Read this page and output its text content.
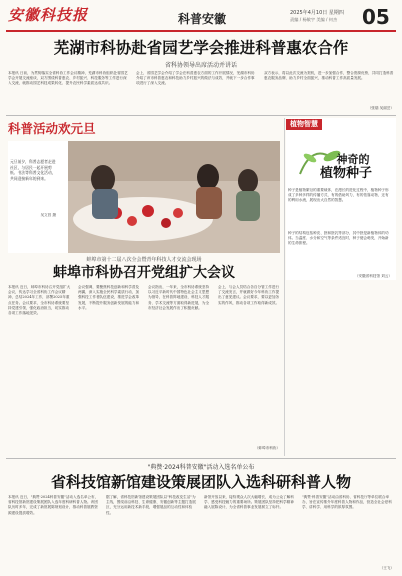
安徽科技报	科普安徽	2025年4月10日 星期四
责编 / 杨敏宇 美编 / 何杰 05
芜湖市科协赴省园艺学会推进科普惠农合作
省科协领导出席活动并讲话
本报讯 日前，为贯彻落实全省科协工作会议精神，芜湖市科协组织赴省园艺学会开展交流座谈，双方围绕科普惠农、乡村振兴、科技服务等工作进行深入交流，就推动园艺科技成果转化、提升农民科学素质达成共识。
会上，省园艺学会介绍了学会在科普惠农方面的工作开展情况，芜湖市科协介绍了该市科普惠农和科技助力乡村振兴的做法与成效，并就下一步合作事项进行了深入交流。
双方表示，将以此次交流为契机，进一步加强合作，整合资源优势，共同打造科普惠农服务品牌，助力乡村全面振兴，推动科普工作高质量发展。
（张瑞 吴丽芸）
科普活动欢元旦
元旦前夕，科普志愿者走进社区，与居民一起开展剪纸、书法等科普文化活动，共同迎接新年的到来。
吴文昌 摄
植物智慧
神奇的
植物种子
种子是植物繁衍的重要载体，在漫长的进化过程中，植物种子形成了多种多样的传播方式，有的借助风力，有的依靠动物，还有的利用水流，展现出大自然的智慧。
种子的结构包括种皮、胚和胚乳等部分，其中胚是新植物体的幼体。当温度、水分和空气等条件适宜时，种子便会萌发，开始新的生命旅程。
（安徽省科技馆 刘云）
蚌埠市第十二届八次全会暨青年科技人才交流会现场
蚌埠市科协召开党组扩大会议
本报讯 近日，蚌埠市科协召开党组扩大会议，传达学习全省科协工作会议精神，总结2024年工作，部署2025年重点任务。会议要求，全市科协系统要坚持党建引领，强化政治担当，切实推动各项工作落地见效。
会议强调，要聚焦科技创新和科学普及两翼，深入实施全民科学素质行动，加强科技工作者队伍建设，推进学会改革发展，不断提升服务创新发展的能力和水平。
会议指出，一年来，全市科协系统坚持以习近平新时代中国特色社会主义思想为指导，在科普阵地建设、科技人才服务、学术交流等方面取得新进展，为全市经济社会发展作出了积极贡献。
会上，与会人员结合各自分管工作进行了交流发言，并就做好今年科协工作提出了意见建议。会议要求，要以更加务实的作风，推动各项工作取得新成效。
（蚌埠市科协）
"典赞·2024科普安徽"活动入选名单公布
省科技馆新馆建设策展团队入选科研科普人物
本报讯 近日，"典赞·2024科普安徽"活动入选名单公布，省科技馆新馆建设策展团队入选年度科研科普人物。该团队历时多年，完成了新馆展陈规划设计，推动科普展教资源建设提质增效。
据了解，省科技馆新馆建设策展团队以"科技改变生活"为主线，围绕前沿科技、生命健康、安徽创新等主题打造展区，充分运用新技术新手段，增强展品的互动性和体验性。
新馆开放以来，接待观众人次大幅增长，成为公众了解科学、感受科技魅力的重要场所。策展团队坚持把科学精神融入展陈设计，为全省科普事业发展树立了标杆。
"典赞·科普安徽"活动由省科协、省科技厅等单位联合举办，旨在宣传推介年度科普人物和作品，营造全社会爱科学、讲科学、用科学的浓厚氛围。
（王飞）
